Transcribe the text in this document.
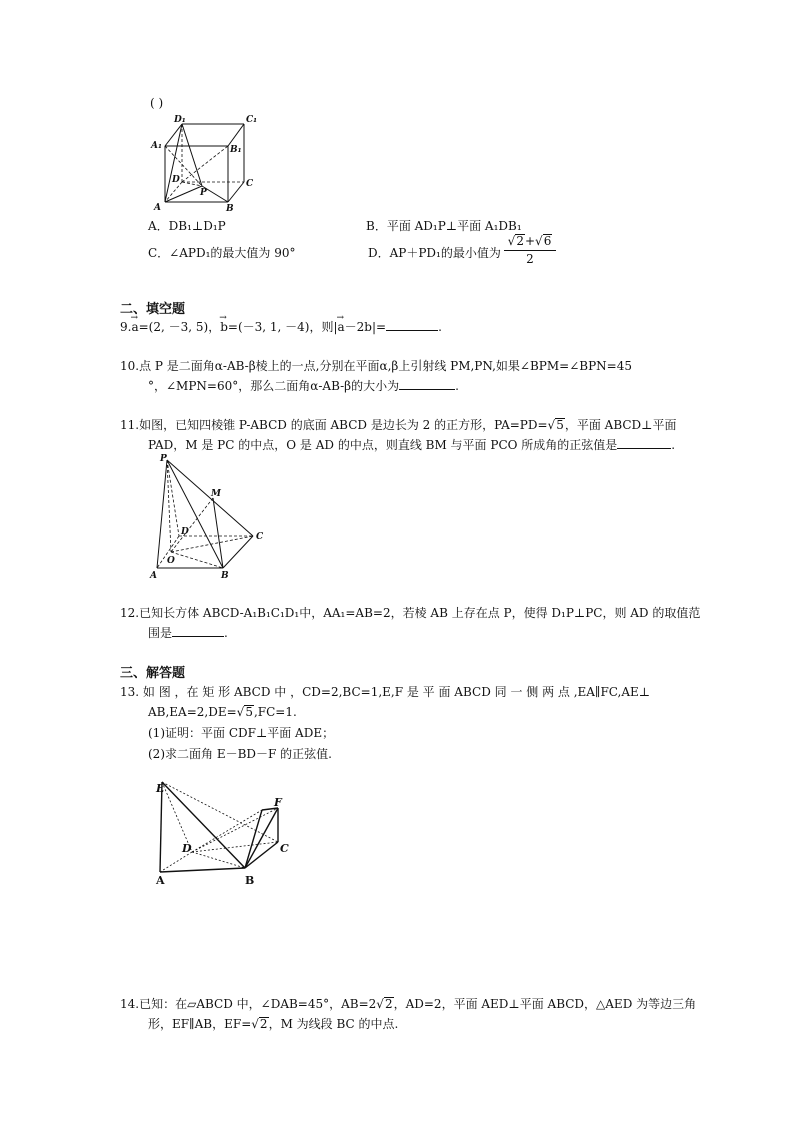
( )
D₁	C₁
A₁	B₁
D	C
P
A	B
A．DB₁⊥D₁P	B．平面 AD₁P⊥平面 A₁DB₁
C．∠APD₁的最大值为 90°	D．AP＋PD₁的最小值为
√2+√6
2
二、填空题
9.→ a=(2, －3, 5)，→ b=(－3, 1, －4)，则|→ a－2b|=	.
10.点 P 是二面角α-AB-β棱上的一点,分别在平面α,β上引射线 PM,PN,如果∠BPM=∠BPN=45
°，∠MPN=60°，那么二面角α-AB-β的大小为	.
11.如图，已知四棱锥 P-ABCD 的底面 ABCD 是边长为 2 的正方形，PA=PD=√5，平面 ABCD⊥平面
PAD，M 是 PC 的中点，O 是 AD 的中点，则直线 BM 与平面 PCO 所成角的正弦值是	.
P
M
D	C
O
A	B
12.已知长方体 ABCD-A₁B₁C₁D₁中，AA₁=AB=2，若棱 AB 上存在点 P，使得 D₁P⊥PC，则 AD 的取值范
围是	.
三、解答题
13. 如 图 ，在 矩 形 ABCD 中 ，CD=2,BC=1,E,F 是 平 面 ABCD 同 一 侧 两 点 ,EA∥FC,AE⊥
AB,EA=2,DE=√5,FC=1.
(1)证明：平面 CDF⊥平面 ADE；
(2)求二面角 E－BD－F 的正弦值.
E
F
D	C
A	B
14.已知：在▱ABCD 中，∠DAB=45°，AB=2√2，AD=2，平面 AED⊥平面 ABCD，△AED 为等边三角
形，EF∥AB，EF=√2，M 为线段 BC 的中点.
